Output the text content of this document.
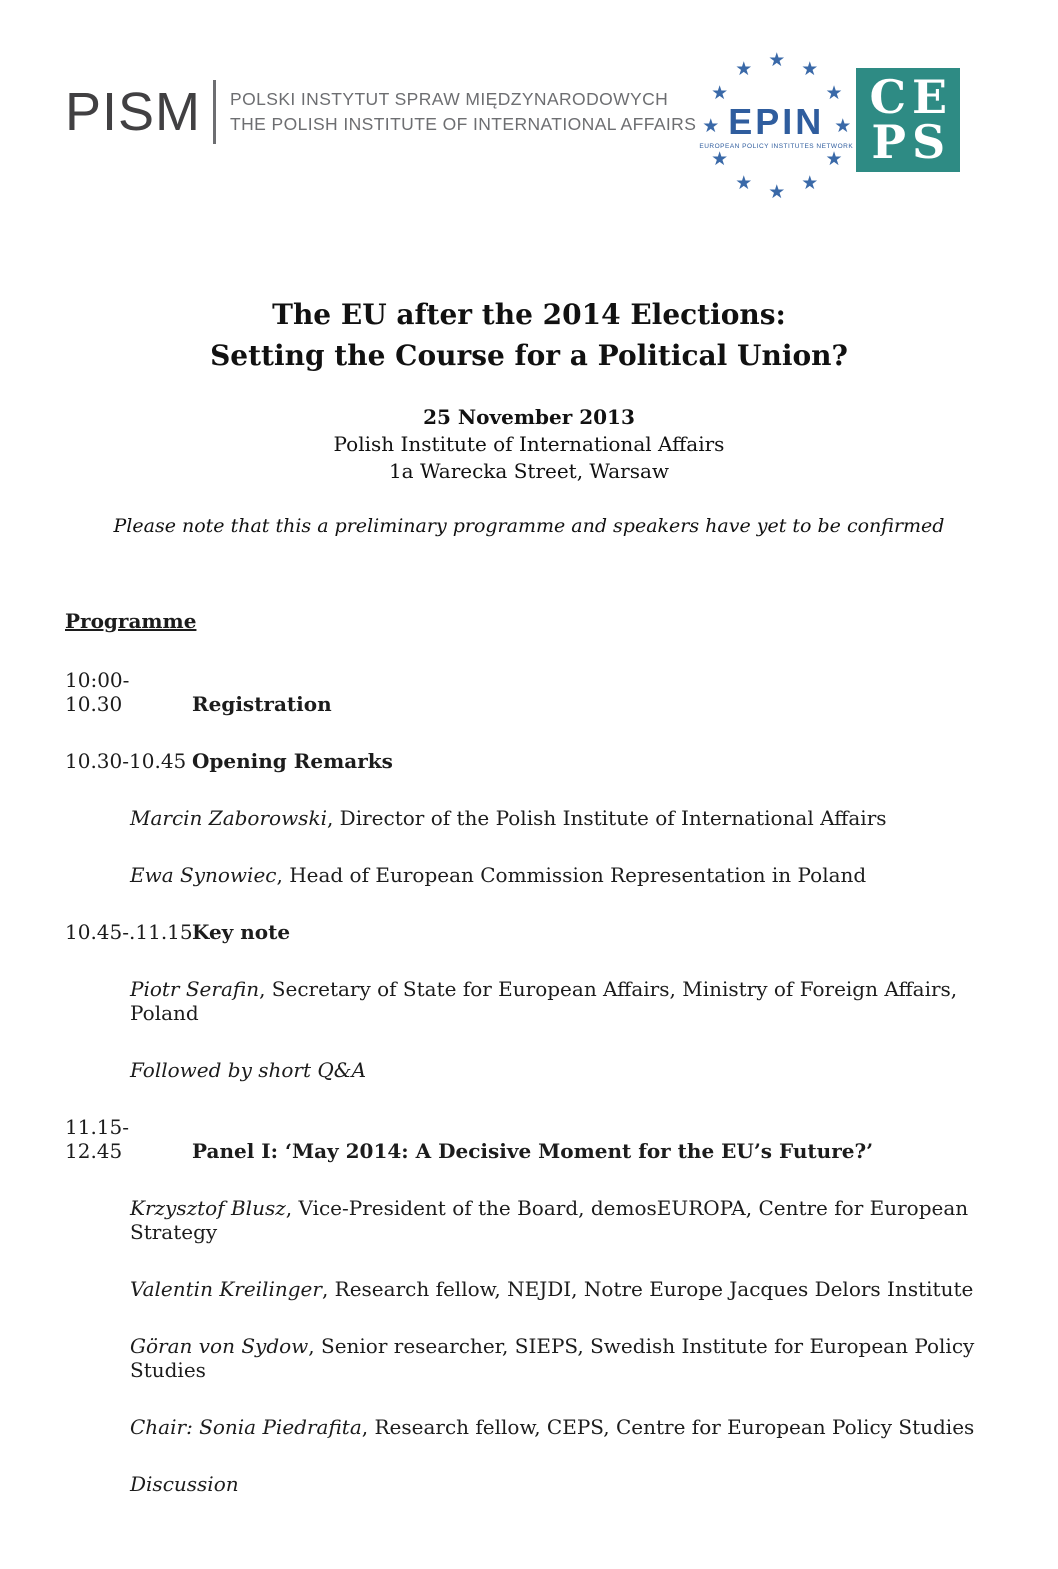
PISM POLSKI INSTYTUT SPRAW MIĘDZYNARODOWYCH
THE POLISH INSTITUTE OF INTERNATIONAL AFFAIRS
★ ★
★
★
★
★
★
★
★
★
★
★
EPIN
EUROPEAN POLICY INSTITUTES NETWORK
CE
PS
The EU after the 2014 Elections:
Setting the Course for a Political Union?
25 November 2013
Polish Institute of International Affairs
1a Warecka Street, Warsaw
Please note that this a preliminary programme and speakers have yet to be confirmed
Programme
10:00- 10.30	Registration
10.30-10.45 Opening Remarks

Marcin Zaborowski, Director of the Polish Institute of International Affairs

Ewa Synowiec, Head of European Commission Representation in Poland

10.45-.11.15Key note

Piotr Serafin, Secretary of State for European Affairs, Ministry of Foreign Affairs, Poland

Followed by short Q&A

11.15- 12.45	Panel I: ‘May 2014: A Decisive Moment for the EU’s Future?’

Krzysztof Blusz, Vice-President of the Board, demosEUROPA, Centre for European Strategy

Valentin Kreilinger, Research fellow, NEJDI, Notre Europe Jacques Delors Institute

Göran von Sydow, Senior researcher, SIEPS, Swedish Institute for European Policy Studies

Chair: Sonia Piedrafita, Research fellow, CEPS, Centre for European Policy Studies

Discussion
